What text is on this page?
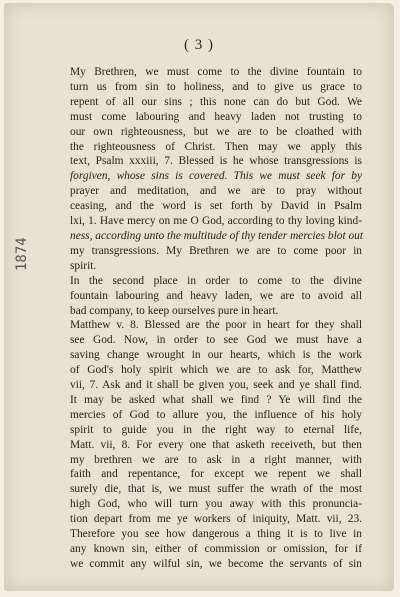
( 3 )
1874

My Brethren, we must come to the divine fountain to
turn us from sin to holiness, and to give us grace to
repent of all our sins ; this none can do but God. We
must come labouring and heavy laden not trusting to
our own righteousness, but we are to be cloathed with
the righteousness of Christ. Then may we apply this
text, Psalm xxxiii, 7. Blessed is he whose transgressions is
forgiven, whose sins is covered. This we must seek for by
prayer and meditation, and we are to pray without
ceasing, and the word is set forth by David in Psalm
lxi, 1. Have mercy on me O God, according to thy loving kind-
ness, according unto the multitude of thy tender mercies blot out
my transgressions. My Brethren we are to come poor in
spirit.

In the second place in order to come to the divine
fountain labouring and heavy laden, we are to avoid all
bad company, to keep ourselves pure in heart.

Matthew v. 8. Blessed are the poor in heart for they shall
see God. Now, in order to see God we must have a
saving change wrought in our hearts, which is the work
of God's holy spirit which we are to ask for, Matthew
vii, 7. Ask and it shall be given you, seek and ye shall find.
It may be asked what shall we find ? Ye will find the
mercies of God to allure you, the influence of his holy
spirit to guide you in the right way to eternal life,
Matt. vii, 8. For every one that asketh receiveth, but then
my brethren we are to ask in a right manner, with
faith and repentance, for except we repent we shall
surely die, that is, we must suffer the wrath of the most
high God, who will turn you away with this pronuncia-
tion depart from me ye workers of iniquity, Matt. vii, 23.
Therefore you see how dangerous a thing it is to live in
any known sin, either of commission or omission, for if
we commit any wilful sin, we become the servants of sin
